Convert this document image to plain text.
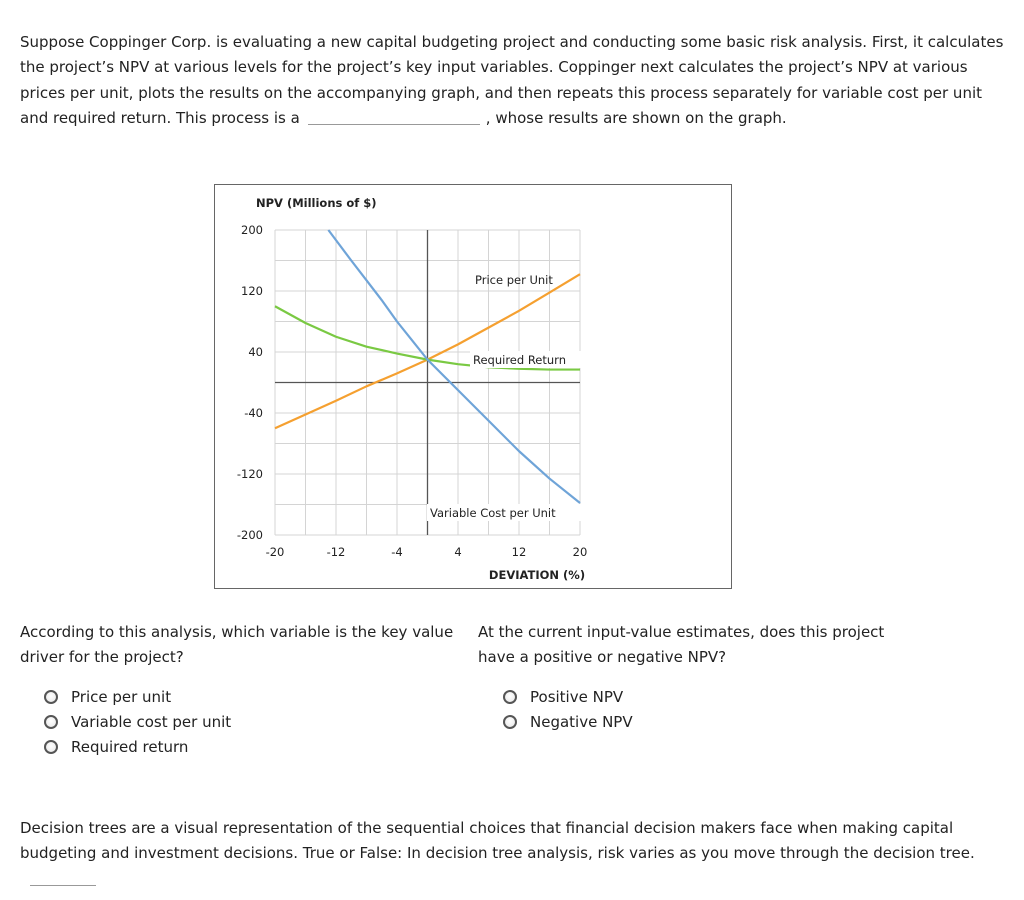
Suppose Coppinger Corp. is evaluating a new capital budgeting project and conducting some basic risk analysis. First, it calculates the project’s NPV at various levels for the project’s key input variables. Coppinger next calculates the project’s NPV at various prices per unit, plots the results on the accompanying graph, and then repeats this process separately for variable cost per unit and required return. This process is a	, whose results are shown on the graph.
200
120
40
-40
-120
-200
-20	-12	-4	4	12	20
Price per Unit
Required Return
Variable Cost per Unit
NPV (Millions of $)
DEVIATION (%)
According to this analysis, which variable is the key value driver for the project?
Price per unit
Variable cost per unit
Required return
At the current input-value estimates, does this project have a positive or negative NPV?
Positive NPV
Negative NPV
Decision trees are a visual representation of the sequential choices that financial decision makers face when making capital budgeting and investment decisions. True or False: In decision tree analysis, risk varies as you move through the decision tree.
